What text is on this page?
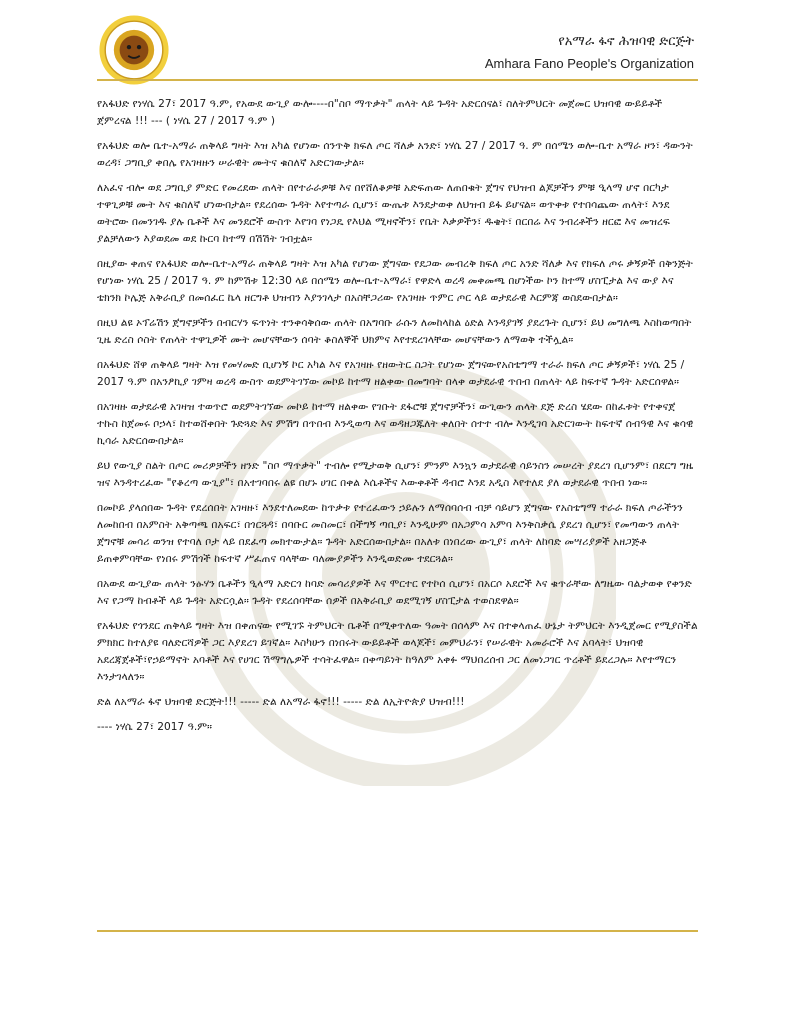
የአማራ ፋኖ ሕዝባዊ ድርጅት
Amhara Fano People's Organization

የአፋህድ የነሃሴ 27፣ 2017 ዓ.ም, የአውደ ውጊያ ውሎ----በ"ስቦ ማጥቃት" ጠላት ላይ ጉዳት አድርሰናል፣ ስለትምህርት መጀመር ህዝባዊ ውይይቶች ጀምረናል !!! --- ( ነሃሴ 27 / 2017 ዓ.ም )

የአፋህድ ወሎ ቤተ-አማራ ጠቅላይ ግዛት እዝ አካል የሆነው ሰንጥቅ ክፍለ ጦር ሻለቃ አንድ፣ ነሃሴ 27 / 2017 ዓ. ም በሰሜን ወሎ-ቤተ አማራ ዞን፣ ዳውንት ወረዳ፣ ጋግቢያ ቀበሌ የአገዛዙን ሠራዊት ሙትና ቁስለኛ አድርገውታል።

ለአፈና ብሎ ወደ ጋግቢያ ምድር የመረደው ጠላት በየተራራዎቹ እና በየሸለቆዎቹ አድፍጠው ለጠበቁት ጀግና የህዝብ ልጆቻችን ምቹ ዒላማ ሆኖ በርካታ ተዋጊዎቹ ሙት እና ቁስለኛ ሆነውበታል። የደረሰው ጉዳት እየተጣራ ሲሆን፣ ውጤቱ እንደታወቀ ለህዝብ ይፋ ይሆናል። ወጥቀቱ የተበሳጨው ጠላት፣ እንደ ወትሮው በመንገዱ ያሉ ቤቶች እና መንደሮች ውስጥ እየገባ የነጋዴ የእህል ሚዛኖችን፣ የቤት እቃዎችን፣ ዱቄት፣ በርበሬ እና ንብረቶችን ዘርፎ እና መዝረፍ ያልቻለውን እያወደመ ወደ ኩርባ ከተማ በሽሽት ገብቷል።

በዚያው ቀጠና የአፋህድ ወሎ-ቤተ-አማራ ጠቅላይ ግዛት እዝ አካል የሆነው ጀግናው የደጋው መብረቅ ክፍለ ጦር አንድ ሻለቃ እና የክፍለ ጦሩ ቃኝዎች በቅንጅት የሆነው ነሃሴ 25 / 2017 ዓ. ም ከምሽቱ 12:30 ላይ በሰሜን ወሎ-ቤተ-አማራ፣ የዋድላ ወረዳ መቀመጫ በሆነችው ኮን ከተማ ሆስፒታል እና ውያ እና ቴክንክ ኮሌጅ አቅራቢያ በመሰፈር ኬላ ዘርግቶ ህዝብን እያንገላታ በአስቸጋሪው የአገዛዙ ጥምር ጦር ላይ ወታደራዊ እርምጃ ወስደውበታል።

በዚህ ልዩ ኦፕሬሽን ጀግኖቻችን በብርሃን ፍጥነት ተንቀሳቅሰው ጠላት በአግባቡ ራሱን ለመከላከል ዕድል እንዳያገኝ ያደረጉት ሲሆን፣ ይህ መግለጫ እስከወጣበት ጊዜ ድረስ ሶስት የጠላት ተዋጊዎች ሙት መሆናቸውን ሰባት ቆስለኞች ህክምና እየተደረገላቸው መሆናቸውን ለማወቅ ተችሏል።

በአፋህድ ሸዋ ጠቅላይ ግዛት እዝ የመሃመድ ቢሆነኝ ኮር አካል እና የአገዛዙ የዘውትር ስጋት የሆነው ጀግናውየአስቴግማ ተራራ ክፍለ ጦር ቃኝዎች፣ ነሃሴ 25 / 2017 ዓ.ም በአንፆኪያ ገምዛ ወረዳ ውስጥ ወደምትገኘው መኮይ ከተማ ዘልቀው በመግባት በላቀ ወታደራዊ ጥበብ በጠላት ላይ ከፍተኛ ጉዳት አድርሰዋል።

በአገዛዙ ወታደራዊ አገዛዝ ተወጥሮ ወደምትገኘው መኮይ ከተማ ዘልቀው የገቡት ደፋሮቹ ጀግኖቻችን፣ ውጊውን ጠላት ደጅ ድረስ ሄደው በከፈቱት የተቀናጀ ተኩስ ከጀመሩ ቦኃላ፣ ከተወሸቀበት ጉድጓድ እና ምሽግ በጥበብ እንዲወጣ እና ወዳዘጋጁለት ቀለበት ሰተተ ብሎ እንዲገባ አድርገውት ከፍተኛ ሰብዓዊ እና ቁሳዊ ኪሳራ አድርሰውበታል።

ይህ የውጊያ ስልት በጦር መሪዎቻችን ዘንድ "ስቦ ማጥቃት" ተብሎ የሚታወቅ ሲሆን፣ ምንም እንኳን ወታደራዊ ሳይንስን መሠረት ያደረገ ቢሆንም፣ በደርግ ግዜ ዝና እንዳተረፈው "የቆረጣ ውጊያ"፣ በአተገባበሩ ልዩ በሆኑ ሀገር በቀል እሴቶችና እውቀቶች ዳብሮ እንደ አዲስ እየተለደ ያለ ወታደራዊ ጥበብ ነው።

በመኮይ ያላሰበው ጉዳት የደረሰበት አገዛዙ፣ እንደተለመደው ከጥቃቱ የተረፈውን ኃይሉን ለማሰባሰብ ብቻ ሳይሆን ጀግናው የአስቴግማ ተራራ ክፍለ ጦራችንን ለመከበብ በአምስት አቅጣጫ በአፍር፣ በጎርጓዳ፣ በባቡር መስመር፣ በችግኝ ጣቢያ፣ እንዲሁም በአጋምሳ አምባ እንቅስቃሴ ያደረገ ሲሆን፣ የመጣውን ጠላት ጀግኖቹ መሳሪ ወንዝ የተባለ ቦታ ላይ በደፈጣ መክተውታል። ጉዳት አድርሰውበታል። በአለቱ በነበረው ውጊያ፣ ጠላት ለከባድ መሣሪያዎች አዘጋጅቶ ይጠቀምባቸው የነበሩ ምሽጎች ከፍተኛ ሥፈጠና ባላቸው ባለሙያዎችን እንዲወድሙ ተደርጓል።

በአውደ ውጊያው ጠላት ንፁሃን ቤቶችን ዒላማ አድርጎ ከባድ መሳሪያዎች እና ሞርተር የተኮሰ ሲሆን፣ በአርሶ አደሮች እና ቁጥራቸው ለግዜው ባልታወቀ የቀንድ እና የጋማ ከብቶች ላይ ጉዳት አድርሷል። ጉዳት የደረሰባቸው ሰዎች በአቅራቢያ ወደሚገኝ ሆስፒታል ተወስደዋል።

የአፋህድ የጎንደር ጠቅላይ ግዛት እዝ በቀጠናው የሚገኙ ትምህርት ቤቶች በሚቀጥለው ዓመት በሰላም እና በተቀላጠፈ ሁኔታ ትምህርት እንዲጀመር የሚያስችል ምክክር ከተለያዩ ባለድርሻዎች ጋር እያደረገ ይገኛል። እስካሁን በነበሩት ውይይቶች ወላጆች፣ መምህራን፣ የሠራዊት አመራሮች እና አባላት፣ ህዝባዊ አደረጃጀቶች፣የኃይማኖት አባቶች እና የሀገር ሽማግሌዎች ተሳትፈዋል። በቀጣይነት ከዓለም አቀፉ ማህበረሰብ ጋር ለመነጋገር ጥረቶች ይደረጋሉ። እየተማርን እንታገላለን።

ድል ለአማራ ፋኖ ህዝባዊ ድርጅት!!! ----- ድል ለአማራ ፋኖ!!! ----- ድል ለኢትዮጵያ ህዝብ!!!

---- ነሃሴ 27፣ 2017 ዓ.ም።
